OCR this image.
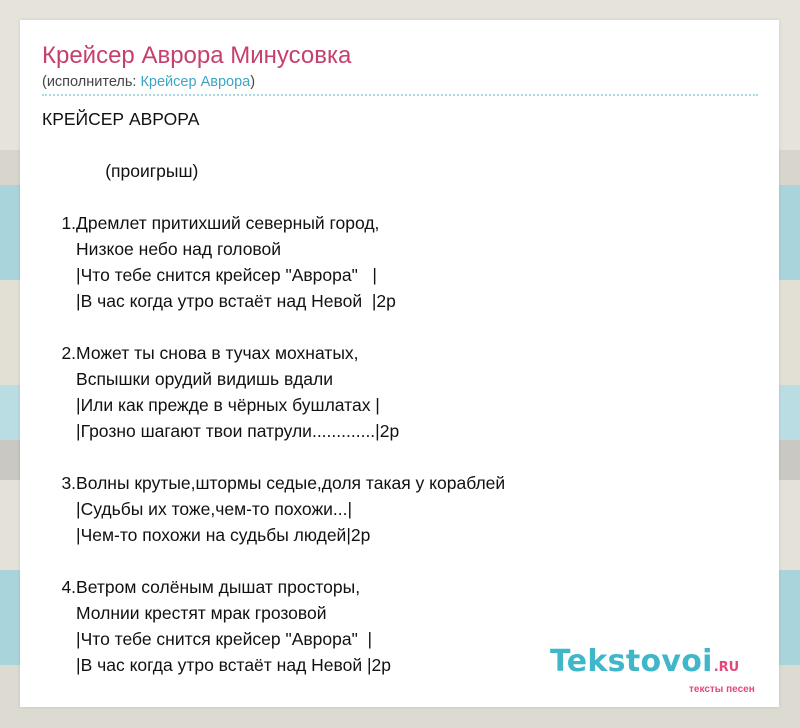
Крейсер Аврора Минусовка
(исполнитель: Крейсер Аврора)
КРЕЙСЕР АВРОРА
(проигрыш)
1.Дремлет притихший северный город,
Низкое небо над головой
|Что тебе снится крейсер "Аврора"   |
|В час когда утро встаёт над Невой  |2р
2.Может ты снова в тучах мохнатых,
Вспышки орудий видишь вдали
|Или как прежде в чёрных бушлатах |
|Грозно шагают твои патрули.............|2р
3.Волны крутые,штормы седые,доля такая у кораблей
|Судьбы их тоже,чем-то похожи...|
|Чем-то похожи на судьбы людей|2р
4.Ветром солёным дышат просторы,
Молнии крестят мрак грозовой
|Что тебе снится крейсер "Аврора"  |
|В час когда утро встаёт над Невой |2р	Tekstovoi.RU
тексты песен
